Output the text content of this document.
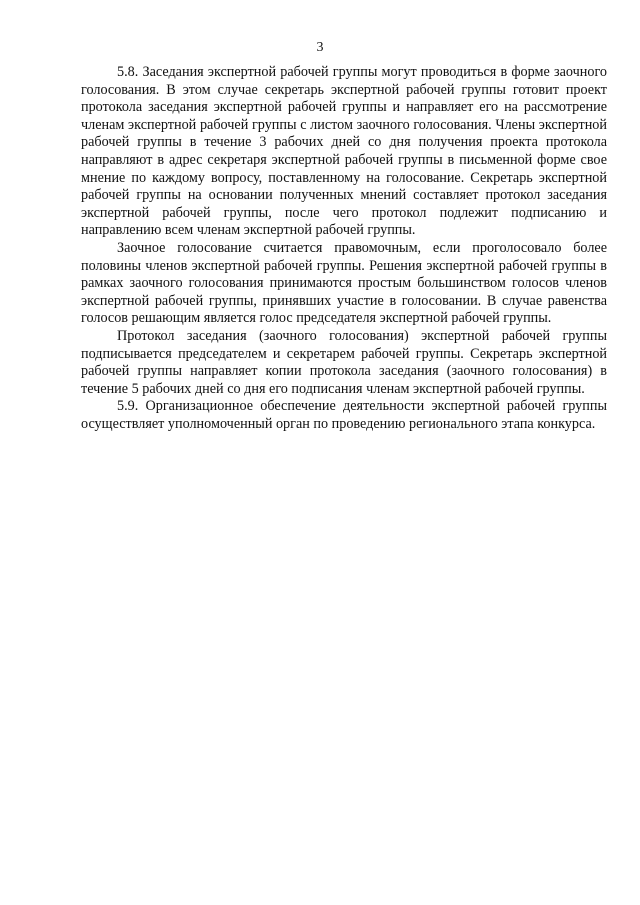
3

5.8. Заседания экспертной рабочей группы могут проводиться в форме заочного голосования. В этом случае секретарь экспертной рабочей группы готовит проект протокола заседания экспертной рабочей группы и направляет его на рассмотрение членам экспертной рабочей группы с листом заочного голосования. Члены экспертной рабочей группы в течение 3 рабочих дней со дня получения проекта протокола направляют в адрес секретаря экспертной рабочей группы в письменной форме свое мнение по каждому вопросу, поставленному на голосование. Секретарь экспертной рабочей группы на основании полученных мнений составляет протокол заседания экспертной рабочей группы, после чего протокол подлежит подписанию и направлению всем членам экспертной рабочей группы.

Заочное голосование считается правомочным, если проголосовало более половины членов экспертной рабочей группы. Решения экспертной рабочей группы в рамках заочного голосования принимаются простым большинством голосов членов экспертной рабочей группы, принявших участие в голосовании. В случае равенства голосов решающим является голос председателя экспертной рабочей группы.

Протокол заседания (заочного голосования) экспертной рабочей группы подписывается председателем и секретарем рабочей группы. Секретарь экспертной рабочей группы направляет копии протокола заседания (заочного голосования) в течение 5 рабочих дней со дня его подписания членам экспертной рабочей группы.

5.9. Организационное обеспечение деятельности экспертной рабочей группы осуществляет уполномоченный орган по проведению регионального этапа конкурса.
